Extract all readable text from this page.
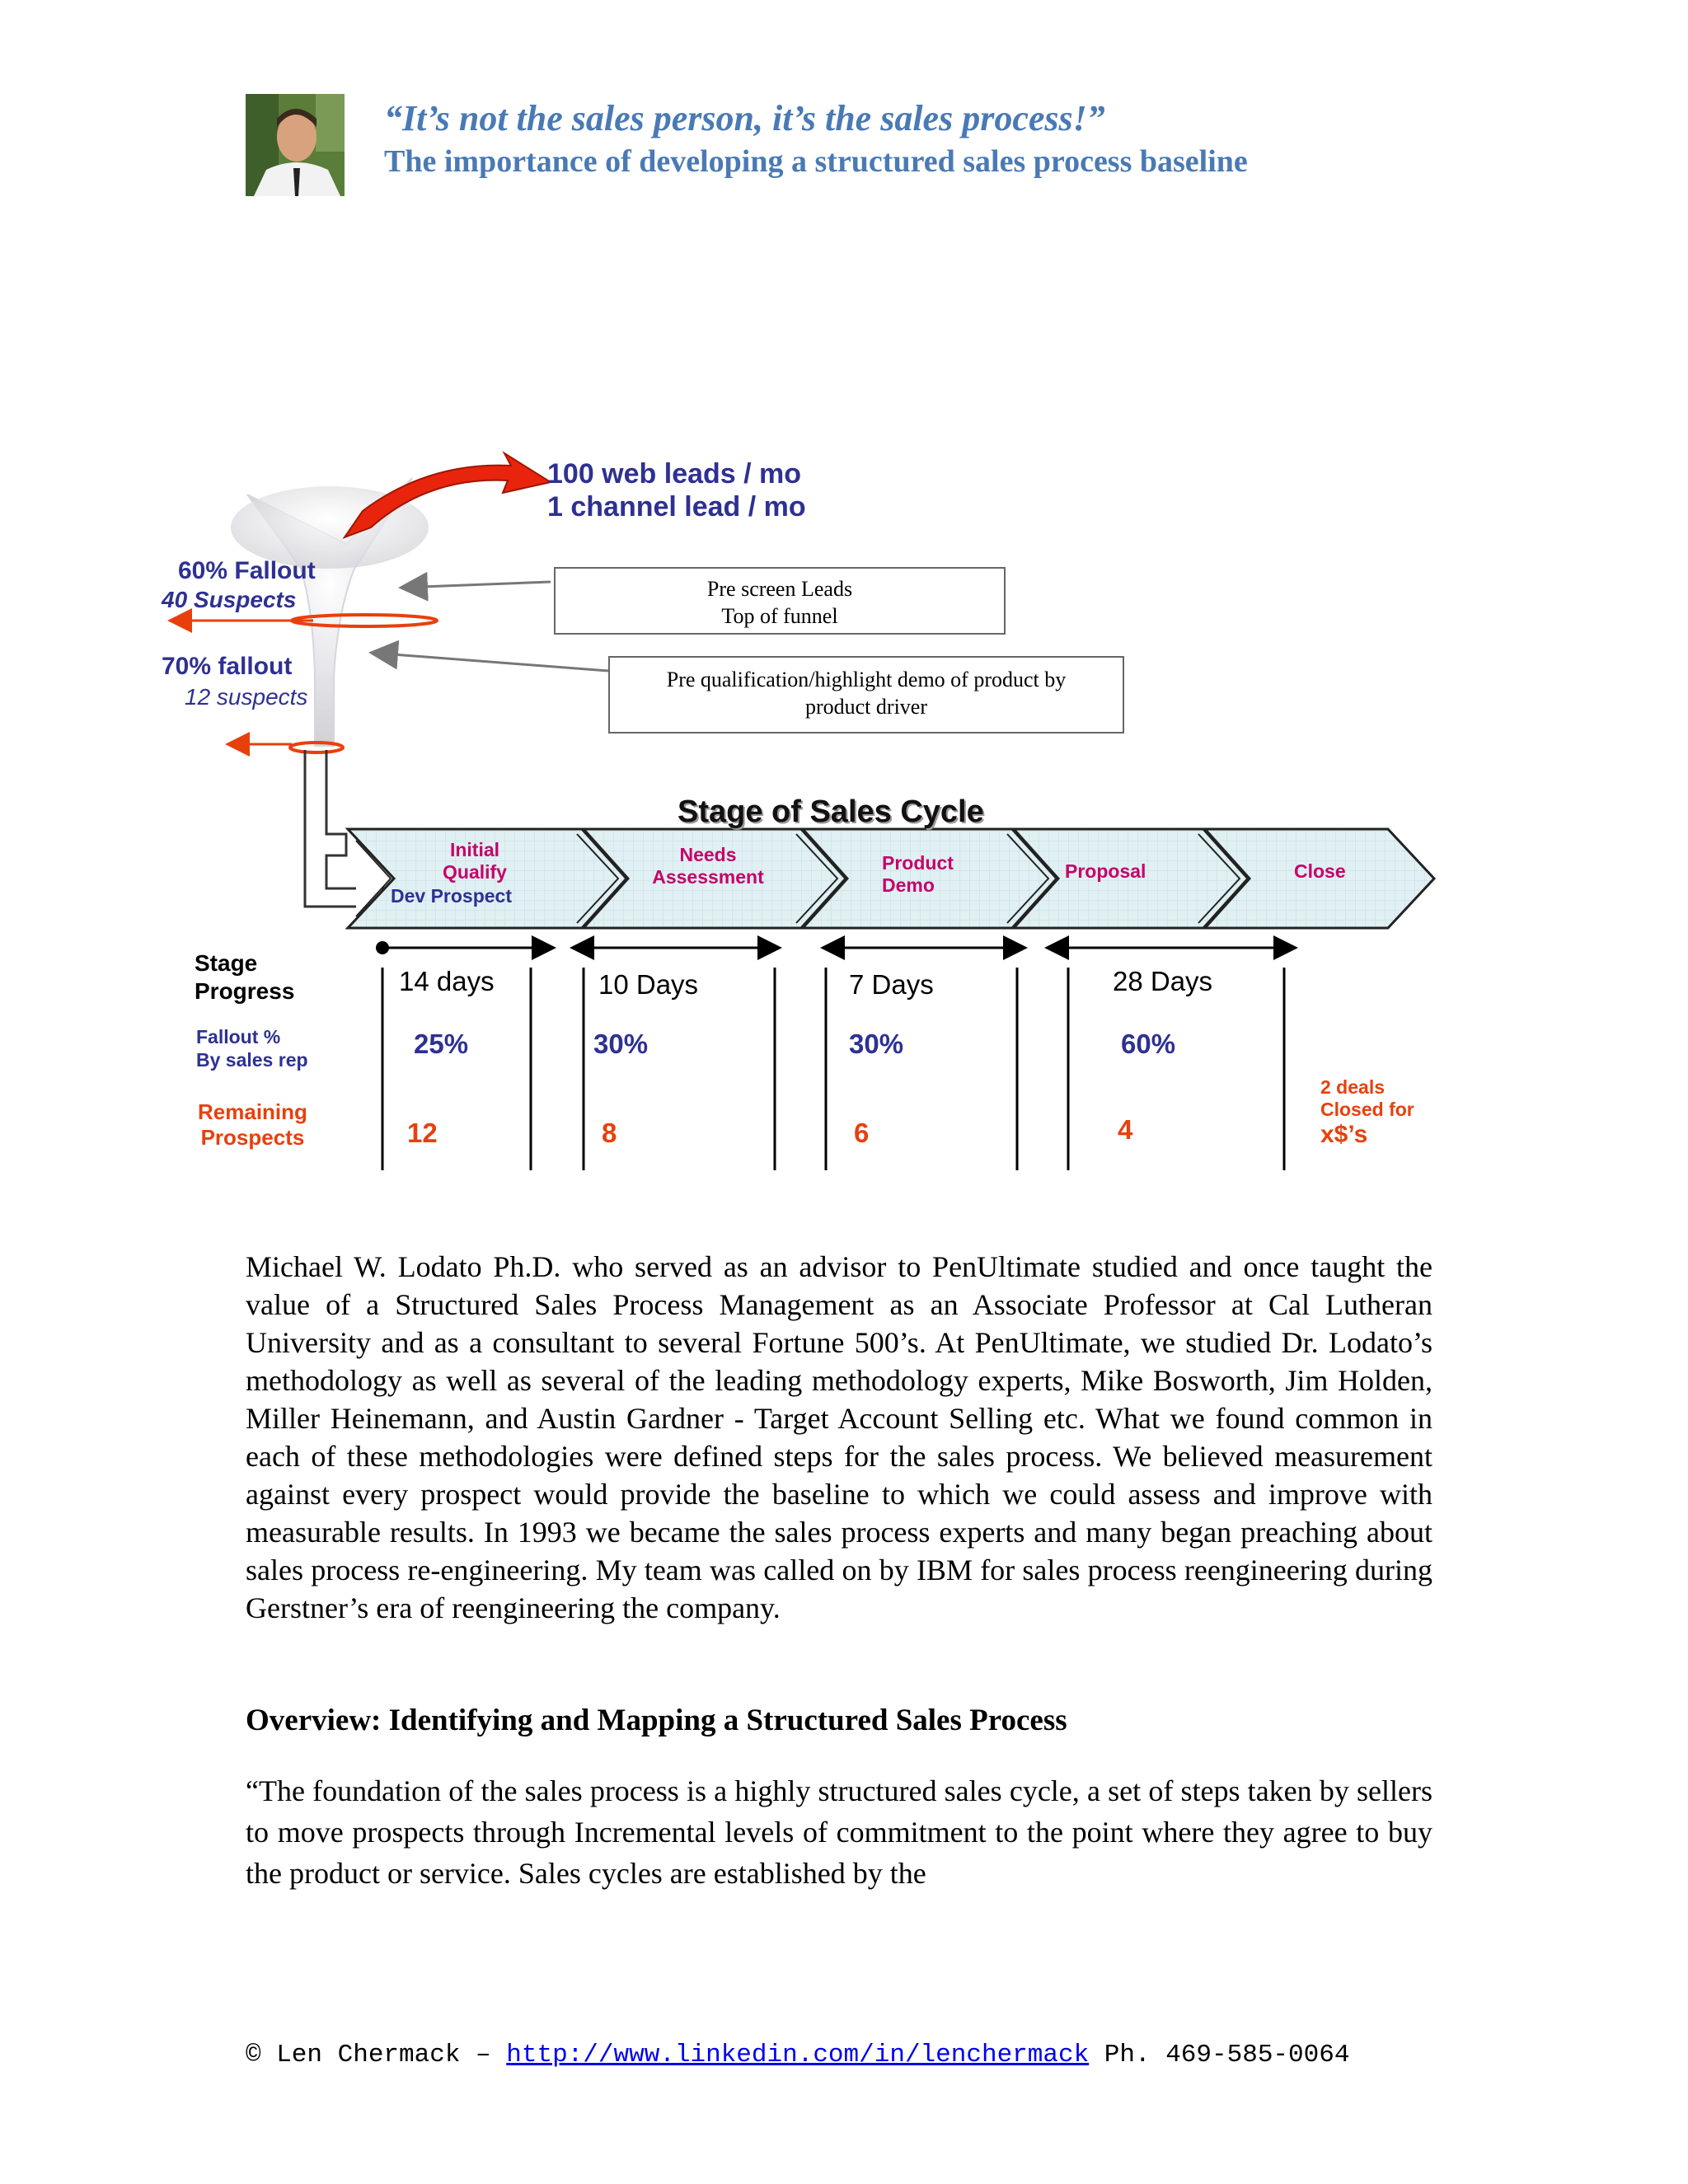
“It’s not the sales person, it’s the sales process!”
The importance of developing a structured sales process baseline
100 web leads / mo
1 channel lead / mo
60% Fallout
40 Suspects
70% fallout
12 suspects
Pre screen Leads
Top of funnel
Pre qualification/highlight demo of product by
product driver
Stage of Sales Cycle
Initial
Qualify
Dev Prospect
Needs
Assessment
Product
Demo
Proposal	Close
Stage
Progress
Fallout %
By sales rep
Remaining
Prospects
14 days	10 Days	7 Days	28 Days
25%	30%	30%	60%
12	8	6	4
2 deals
Closed for
x$’s
Michael W. Lodato Ph.D. who served as an advisor to PenUltimate studied and once taught the value of a Structured Sales Process Management as an Associate Professor at Cal Lutheran University and as a consultant to several Fortune 500’s. At PenUltimate, we studied Dr. Lodato’s methodology as well as several of the leading methodology experts, Mike Bosworth, Jim Holden, Miller Heinemann, and Austin Gardner - Target Account Selling etc. What we found common in each of these methodologies were defined steps for the sales process. We believed measurement against every prospect would provide the baseline to which we could assess and improve with measurable results. In 1993 we became the sales process experts and many began preaching about sales process re-engineering. My team was called on by IBM for sales process reengineering during Gerstner’s era of reengineering the company.
Overview: Identifying and Mapping a Structured Sales Process
“The foundation of the sales process is a highly structured sales cycle, a set of steps taken by sellers to move prospects through Incremental levels of commitment to the point where they agree to buy the product or service. Sales cycles are established by the
© Len Chermack – http://www.linkedin.com/in/lenchermack Ph. 469-585-0064
